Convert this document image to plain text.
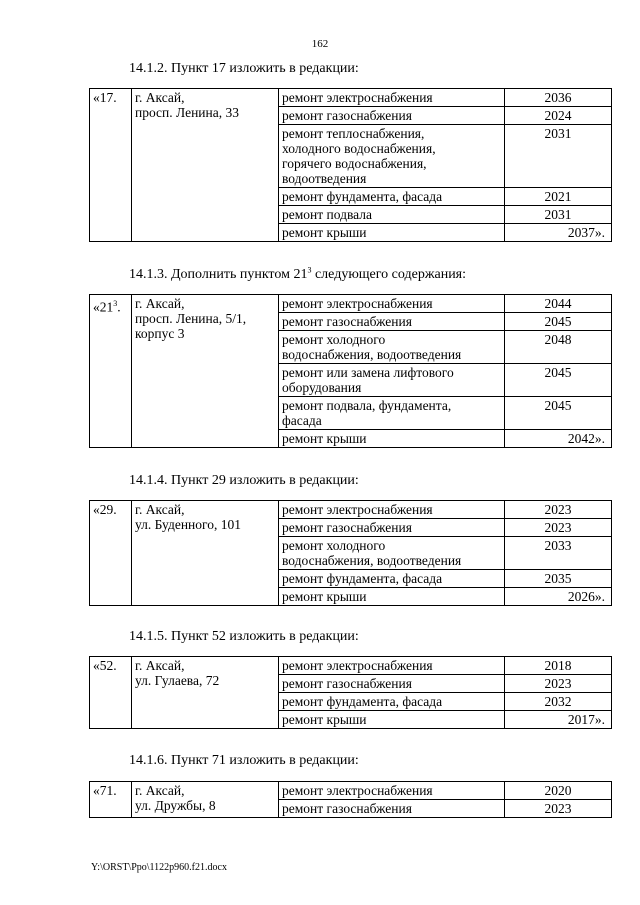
162
14.1.2. Пункт 17 изложить в редакции:
«17.	г. Аксай,
просп. Ленина, 33	ремонт электроснабжения	2036
		ремонт газоснабжения	2024
		ремонт теплоснабжения,
холодного водоснабжения,
горячего водоснабжения,
водоотведения	2031
		ремонт фундамента, фасада	2021
		ремонт подвала	2031
		ремонт крыши	2037».
14.1.3. Дополнить пунктом $21^3$ следующего содержания:
«$21^3$.	г. Аксай,
просп. Ленина, 5/1,
корпус 3	ремонт электроснабжения	2044
		ремонт газоснабжения	2045
		ремонт холодного
водоснабжения, водоотведения	2048
		ремонт или замена лифтового
оборудования	2045
		ремонт подвала, фундамента,
фасада	2045
		ремонт крыши	2042».
14.1.4. Пункт 29 изложить в редакции:
«29.	г. Аксай,
ул. Буденного, 101	ремонт электроснабжения	2023
		ремонт газоснабжения	2023
		ремонт холодного
водоснабжения, водоотведения	2033
		ремонт фундамента, фасада	2035
		ремонт крыши	2026».
14.1.5. Пункт 52 изложить в редакции:
«52.	г. Аксай,
ул. Гулаева, 72	ремонт электроснабжения	2018
		ремонт газоснабжения	2023
		ремонт фундамента, фасада	2032
		ремонт крыши	2017».
14.1.6. Пункт 71 изложить в редакции:
«71.	г. Аксай,
ул. Дружбы, 8	ремонт электроснабжения	2020
		ремонт газоснабжения	2023
Y:\ORST\Ppo\1122p960.f21.docx
